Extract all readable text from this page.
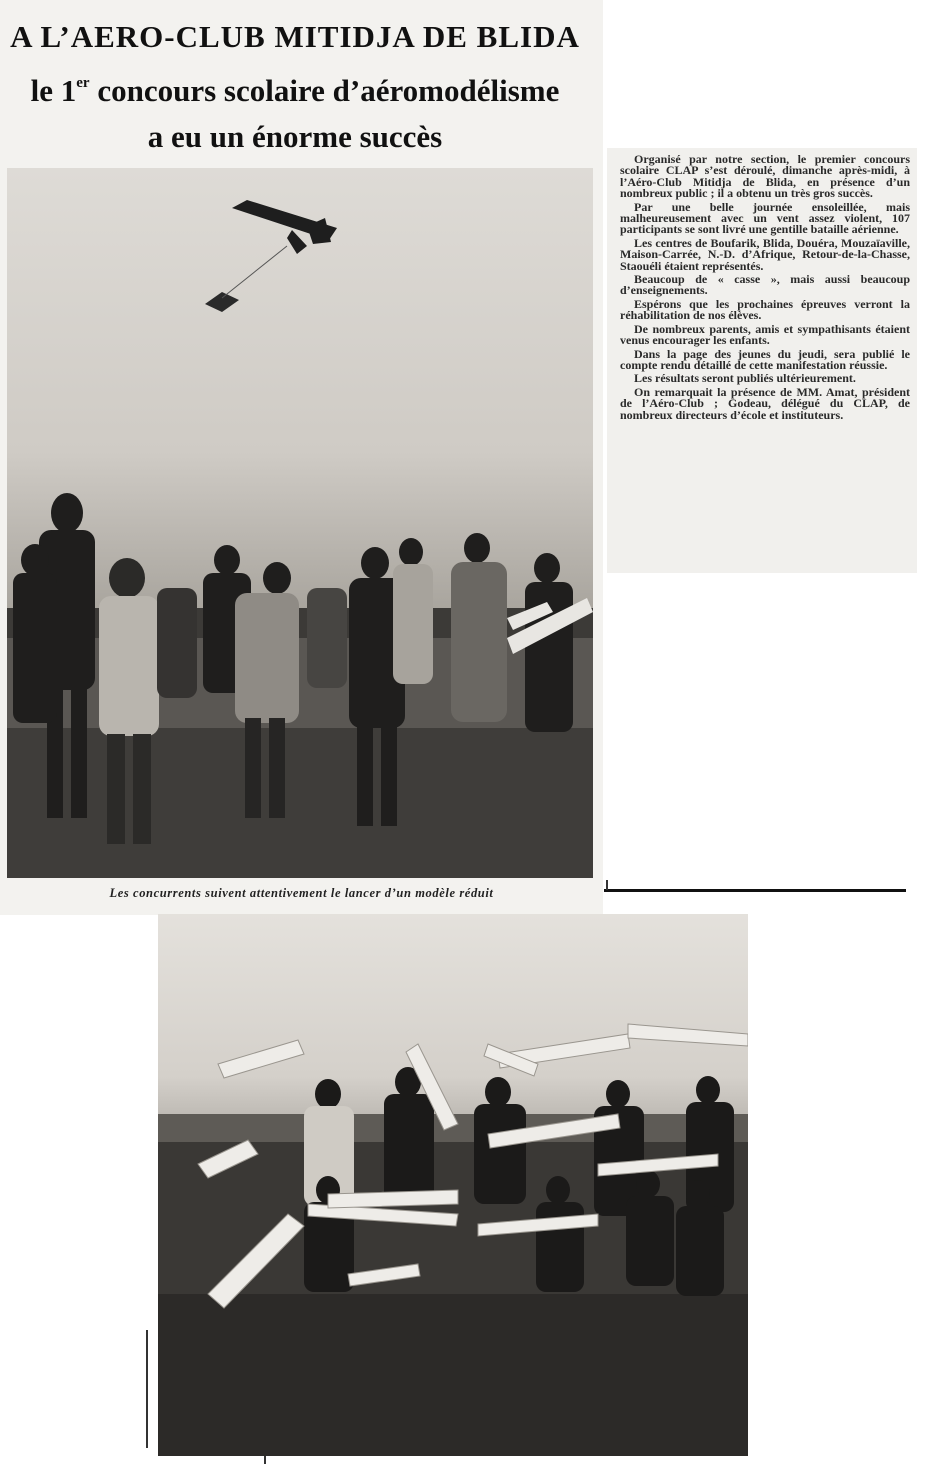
A L’AERO-CLUB MITIDJA DE BLIDA
le 1er concours scolaire d’aéromodélisme
a eu un énorme succès
Les concurrents suivent attentivement le lancer d’un modèle réduit

Organisé par notre section, le premier concours scolaire CLAP s’est déroulé, dimanche après-midi, à l’Aéro-Club Mitidja de Blida, en présence d’un nombreux public ; il a obtenu un très gros succès.

Par une belle journée ensoleillée, mais malheureusement avec un vent assez violent, 107 participants se sont livré une gentille bataille aérienne.

Les centres de Boufarik, Blida, Douéra, Mouzaïaville, Maison-Carrée, N.-D. d’Afrique, Retour-de-la-Chasse, Staouéli étaient représentés.

Beaucoup de « casse », mais aussi beaucoup d’enseignements.

Espérons que les prochaines épreuves verront la réhabilitation de nos élèves.

De nombreux parents, amis et sympathisants étaient venus encourager les enfants.

Dans la page des jeunes du jeudi, sera publié le compte rendu détaillé de cette manifestation réussie.

Les résultats seront publiés ultérieurement.

On remarquait la présence de MM. Amat, président de l’Aéro-Club ; Godeau, délégué du CLAP, de nombreux directeurs d’école et instituteurs.
